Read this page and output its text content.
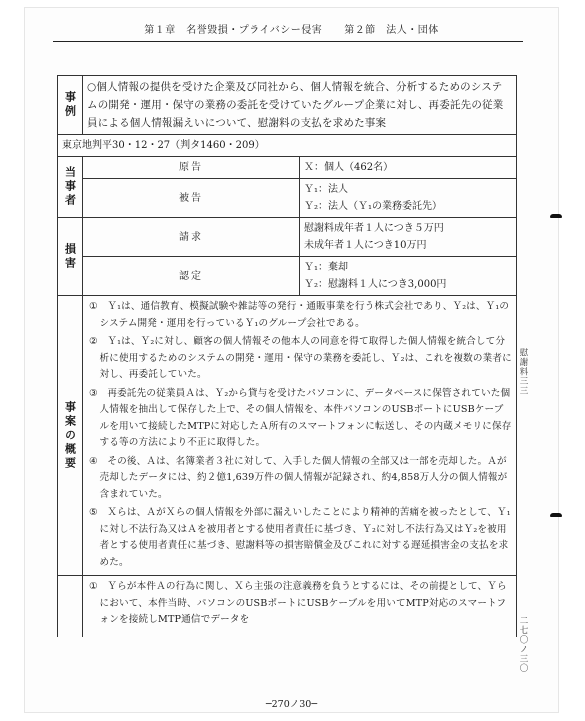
第１章　名誉毀損・プライバシー侵害 第２節　法人・団体
事例	○個人情報の提供を受けた企業及び同社から、個人情報を統合、分析するためのシステムの開発・運用・保守の業務の委託を受けていたグループ企業に対し、再委託先の従業員による個人情報漏えいについて、慰謝料の支払を求めた事案	

東京地判平30・12・27（判タ1460・209）		

当事者	原告	Ｘ：個人（462名）
	被告	Ｙ₁：法人
Ｙ₂：法人（Ｙ₁の業務委託先）

損害	請求	慰謝料成年者１人につき５万円
未成年者１人につき10万円

	認定	Ｙ₁：棄却
Ｙ₂：慰謝料１人につき3,000円

事案の概要	①　 Ｙ₁は、通信教育、模擬試験や雑誌等の発行・通販事業を行う株式会社であり、Ｙ₂は、Ｙ₁のシステム開発・運用を行っているＹ₁のグループ会社である。
②　 Ｙ₁は、Ｙ₂に対し、顧客の個人情報その他本人の同意を得て取得した個人情報を統合して分析に使用するためのシステムの開発・運用・保守の業務を委託し、Ｙ₂は、これを複数の業者に対し、再委託していた。
③　 再委託先の従業員Ａは、Ｙ₂から貸与を受けたパソコンに、データベースに保管されていた個人情報を抽出して保存した上で、その個人情報を、本件パソコンのUSBポートにUSBケーブルを用いて接続したMTPに対応したＡ所有のスマートフォンに転送し、その内蔵メモリに保存する等の方法により不正に取得した。
④　 その後、Ａは、名簿業者３社に対して、入手した個人情報の全部又は一部を売却した。Ａが売却したデータには、約２億1,639万件の個人情報が記録され、約4,858万人分の個人情報が含まれていた。
⑤　 Ｘらは、ＡがＸらの個人情報を外部に漏えいしたことにより精神的苦痛を被ったとして、Ｙ₁に対し不法行為又はＡを被用者とする使用者責任に基づき、Ｙ₂に対し不法行為又はＹ₂を被用者とする使用者責任に基づき、慰謝料等の損害賠償金及びこれに対する遅延損害金の支払を求めた。	

	①　 Ｙらが本件Ａの行為に関し、Ｘら主張の注意義務を負うとするには、その前提として、Ｙらにおいて、本件当時、パソコンのUSBポートにUSBケーブルを用いてMTP対応のスマートフォンを接続しMTP通信でデータを	
慰謝料三三
二七〇ノ三〇
─270ノ30─
